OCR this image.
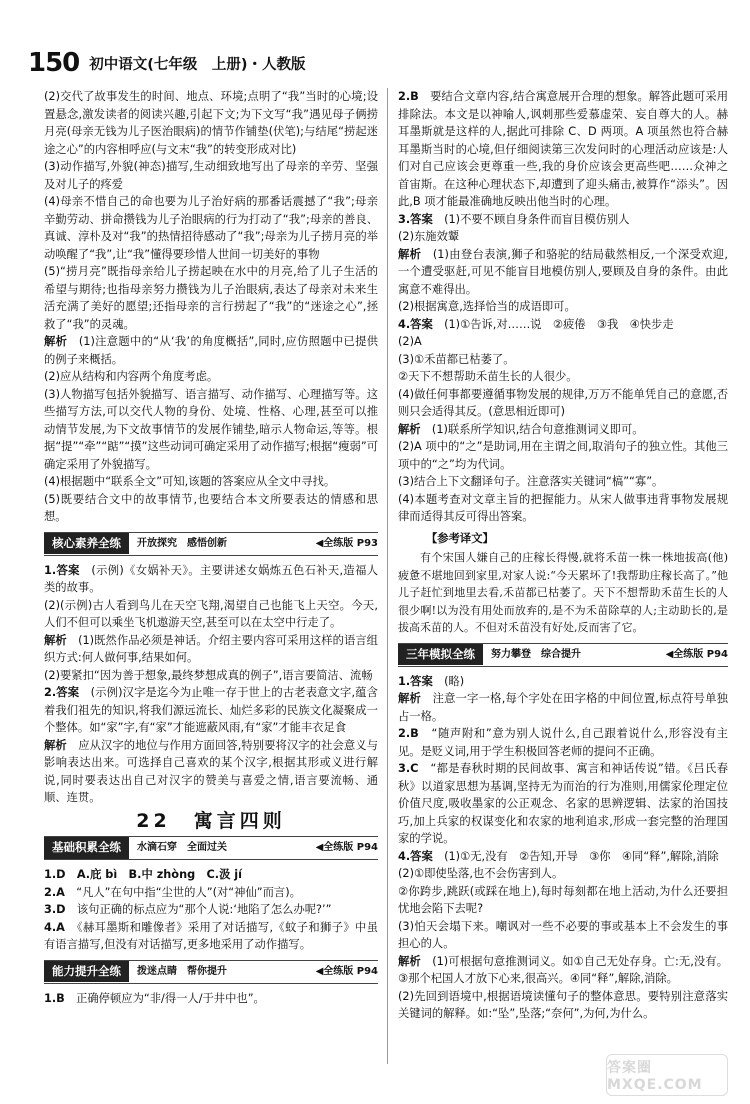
150 初中语文(七年级　上册)・人教版

(2)交代了故事发生的时间、地点、环境;点明了“我”当时的心境;设置悬念,激发读者的阅读兴趣,引起下文;为下文写“我”遇见母子俩捞月亮(母亲无钱为儿子医治眼病)的情节作铺垫(伏笔);与结尾“捞起迷途之心”的内容相呼应(与文末“我”的转变形成对比)

(3)动作描写,外貌(神态)描写,生动细致地写出了母亲的辛劳、坚强及对儿子的疼爱

(4)母亲不惜自己的命也要为儿子治好病的那番话震撼了“我”;母亲辛勤劳动、拼命攒钱为儿子治眼病的行为打动了“我”;母亲的善良、真诚、淳朴及对“我”的热情招待感动了“我”;母亲为儿子捞月亮的举动唤醒了“我”,让“我”懂得要珍惜人世间一切美好的事物

(5)“捞月亮”既指母亲给儿子捞起映在水中的月亮,给了儿子生活的希望与期待;也指母亲努力攒钱为儿子治眼病,表达了母亲对未来生活充满了美好的愿望;还指母亲的言行捞起了“我”的“迷途之心”,拯救了“我”的灵魂。

解析　 (1)注意题中的“从‘我’的角度概括”,同时,应仿照题中已提供的例子来概括。

(2)应从结构和内容两个角度考虑。

(3)人物描写包括外貌描写、语言描写、动作描写、心理描写等。这些描写方法,可以交代人物的身份、处境、性格、心理,甚至可以推动情节发展,为下文故事情节的发展作铺垫,暗示人物命运,等等。根据“提”“牵”“踮”“摸”这些动词可确定采用了动作描写;根据“瘦弱”可确定采用了外貌描写。

(4)根据题中“联系全文”可知,该题的答案应从全文中寻找。

(5)既要结合文中的故事情节,也要结合本文所要表达的情感和思想。

核心素养全练	开放探究　感悟创新	◀全练版 P93

1.答案　 (示例)《女娲补天》。主要讲述女娲炼五色石补天,造福人类的故事。

(2)(示例)古人看到鸟儿在天空飞翔,渴望自己也能飞上天空。今天,人们不但可以乘坐飞机遨游天空,甚至可以在太空中行走了。

解析　 (1)既然作品必须是神话。介绍主要内容可采用这样的语言组织方式:何人做何事,结果如何。

(2)要紧扣“因为善于想象,最终梦想成真的例子”,语言要简洁、流畅

2.答案　 (示例)汉字是迄今为止唯一存于世上的古老表意文字,蕴含着我们祖先的知识,将我们源远流长、灿烂多彩的民族文化凝聚成一个整体。如“家”字,有“家”才能遮蔽风雨,有“家”才能丰衣足食

解析　 应从汉字的地位与作用方面回答,特别要将汉字的社会意义与影响表达出来。可选择自己喜欢的某个汉字,根据其形或义进行解说,同时要表达出自己对汉字的赞美与喜爱之情,语言要流畅、通顺、连贯。

22　寓言四则
基础积累全练	水滴石穿　全面过关	◀全练版 P94

1.D　A.庇 bì　B.中 zhòng　C.汲 jí

2.A　 “凡人”在句中指“尘世的人”(对“神仙”而言)。

3.D　 该句正确的标点应为“那个人说:‘地陷了怎么办呢?’”

4.A　 《赫耳墨斯和雕像者》采用了对话描写,《蚊子和狮子》中虽有语言描写,但没有对话描写,更多地采用了动作描写。

能力提升全练	拨迷点睛　帮你提升	◀全练版 P94

1.B　 正确停顿应为“非/得一人/于井中也”。

2.B　 要结合文章内容,结合寓意展开合理的想象。解答此题可采用排除法。本文是以神喻人,讽刺那些爱慕虚荣、妄自尊大的人。赫耳墨斯就是这样的人,据此可排除 C、D 两项。A 项虽然也符合赫耳墨斯当时的心境,但仔细阅读第三次发问时的心理活动应该是:人们对自己应该会更尊重一些,我的身价应该会更高些吧……众神之首宙斯。在这种心理状态下,却遭到了迎头痛击,被算作“添头”。因此,B 项才能最准确地反映出他当时的心理。

3.答案　 (1)不要不顾自身条件而盲目模仿别人

(2)东施效颦

解析　 (1)由登台表演,狮子和骆驼的结局截然相反,一个深受欢迎,一个遭受驱赶,可见不能盲目地模仿别人,要顾及自身的条件。由此寓意不难得出。

(2)根据寓意,选择恰当的成语即可。

4.答案　 (1)①告诉,对……说　②疲倦　③我　④快步走

(2)A

(3)①禾苗都已枯萎了。

②天下不想帮助禾苗生长的人很少。

(4)做任何事都要遵循事物发展的规律,万万不能单凭自己的意愿,否则只会适得其反。(意思相近即可)

解析　 (1)联系所学知识,结合句意推测词义即可。

(2)A 项中的“之”是助词,用在主谓之间,取消句子的独立性。其他三项中的“之”均为代词。

(3)结合上下文翻译句子。注意落实关键词“槁”“寡”。

(4)本题考查对文章主旨的把握能力。从宋人做事违背事物发展规律而适得其反可得出答案。

【参考译文】

有个宋国人嫌自己的庄稼长得慢,就将禾苗一株一株地拔高(他)疲惫不堪地回到家里,对家人说:“今天累坏了!我帮助庄稼长高了。”他儿子赶忙到地里去看,禾苗都已枯萎了。天下不想帮助禾苗生长的人很少啊!以为没有用处而放弃的,是不为禾苗除草的人;主动助长的,是拔高禾苗的人。不但对禾苗没有好处,反而害了它。

三年模拟全练	努力攀登　综合提升	◀全练版 P94

1.答案　 (略)

解析　 注意一字一格,每个字处在田字格的中间位置,标点符号单独占一格。

2.B　 “随声附和”意为别人说什么,自己跟着说什么,形容没有主见。是贬义词,用于学生积极回答老师的提问不正确。

3.C　 “都是春秋时期的民间故事、寓言和神话传说”错。《吕氏春秋》以道家思想为基调,坚持无为而治的行为准则,用儒家伦理定位价值尺度,吸收墨家的公正观念、名家的思辨逻辑、法家的治国技巧,加上兵家的权谋变化和农家的地利追求,形成一套完整的治理国家的学说。

4.答案　 (1)①无,没有　②告知,开导　③你　④同“释”,解除,消除

(2)①即使坠落,也不会伤害到人。

②你跨步,跳跃(或踩在地上),每时每刻都在地上活动,为什么还要担忧地会陷下去呢?

(3)怕天会塌下来。嘲讽对一些不必要的事或基本上不会发生的事担心的人。

解析　 (1)可根据句意推测词义。如①自己无处存身。亡:无,没有。③那个杞国人才放下心来,很高兴。④同“释”,解除,消除。

(2)先回到语境中,根据语境读懂句子的整体意思。要特别注意落实关键词的解释。如:“坠”,坠落;“奈何”,为何,为什么。

答案圈 MXQE.COM
